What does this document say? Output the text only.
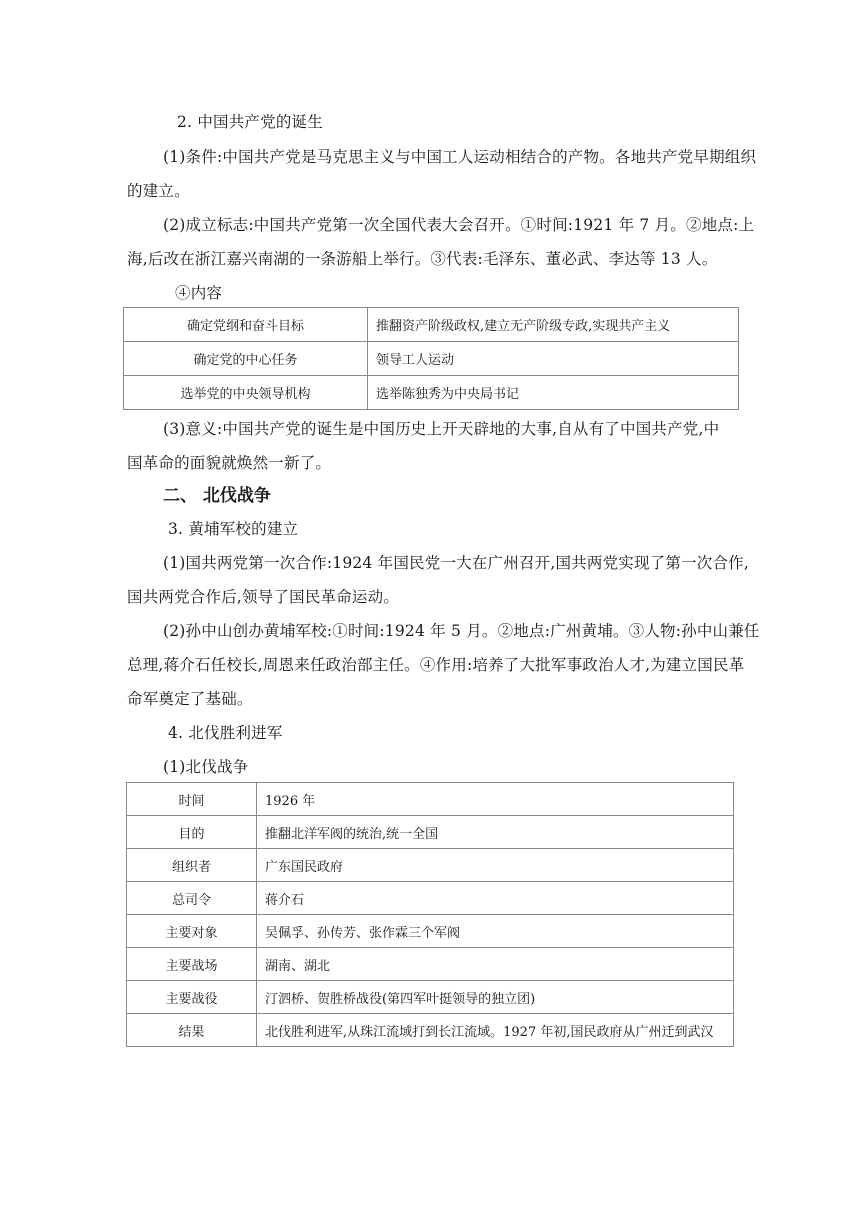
2. 中国共产党的诞生
(1)条件:中国共产党是马克思主义与中国工人运动相结合的产物。各地共产党早期组织
的建立。
(2)成立标志:中国共产党第一次全国代表大会召开。①时间:1921 年 7 月。②地点:上
海,后改在浙江嘉兴南湖的一条游船上举行。③代表:毛泽东、董必武、李达等 13 人。
④内容
确定党纲和奋斗目标	推翻资产阶级政权,建立无产阶级专政,实现共产主义
确定党的中心任务	领导工人运动
选举党的中央领导机构	选举陈独秀为中央局书记
(3)意义:中国共产党的诞生是中国历史上开天辟地的大事,自从有了中国共产党,中
国革命的面貌就焕然一新了。
二、 北伐战争
3. 黄埔军校的建立
(1)国共两党第一次合作:1924 年国民党一大在广州召开,国共两党实现了第一次合作,
国共两党合作后,领导了国民革命运动。
(2)孙中山创办黄埔军校:①时间:1924 年 5 月。②地点:广州黄埔。③人物:孙中山兼任
总理,蒋介石任校长,周恩来任政治部主任。④作用:培养了大批军事政治人才,为建立国民革
命军奠定了基础。
4. 北伐胜利进军
(1)北伐战争
时间	1926 年
目的	推翻北洋军阀的统治,统一全国
组织者	广东国民政府
总司令	蒋介石
主要对象	吴佩孚、孙传芳、张作霖三个军阀
主要战场	湖南、湖北
主要战役	汀泗桥、贺胜桥战役(第四军叶挺领导的独立团)
结果	北伐胜利进军,从珠江流域打到长江流域。1927 年初,国民政府从广州迁到武汉
